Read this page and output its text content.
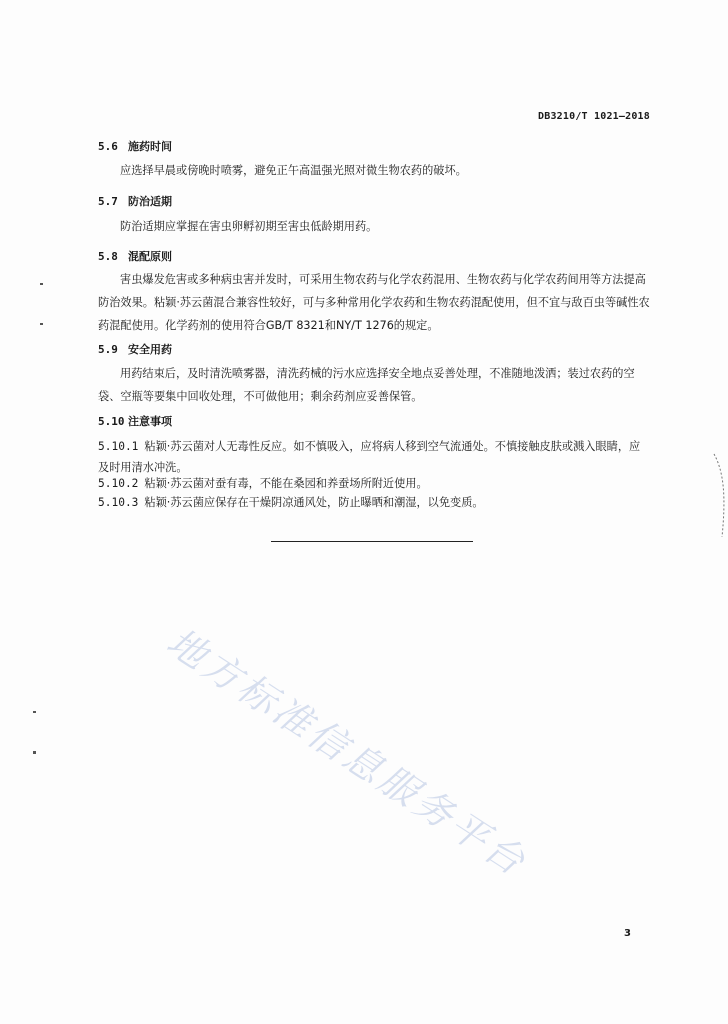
DB3210/T 1021—2018
5.6 施药时间
应选择早晨或傍晚时喷雾，避免正午高温强光照对微生物农药的破坏。
5.7 防治适期
防治适期应掌握在害虫卵孵初期至害虫低龄期用药。
5.8 混配原则
害虫爆发危害或多种病虫害并发时，可采用生物农药与化学农药混用、生物农药与化学农药间用等方法提高防治效果。粘颖·苏云菌混合兼容性较好，可与多种常用化学农药和生物农药混配使用，但不宜与敌百虫等碱性农药混配使用。化学药剂的使用符合GB/T 8321和NY/T 1276的规定。
5.9 安全用药
用药结束后，及时清洗喷雾器，清洗药械的污水应选择安全地点妥善处理，不准随地泼洒；装过农药的空袋、空瓶等要集中回收处理，不可做他用；剩余药剂应妥善保管。
5.10 注意事项
5.10.1 粘颖·苏云菌对人无毒性反应。如不慎吸入，应将病人移到空气流通处。不慎接触皮肤或溅入眼睛，应及时用清水冲洗。
5.10.2 粘颖·苏云菌对蚕有毒，不能在桑园和养蚕场所附近使用。
5.10.3 粘颖·苏云菌应保存在干燥阴凉通风处，防止曝晒和潮湿，以免变质。
地方标准信息服务平台
3
